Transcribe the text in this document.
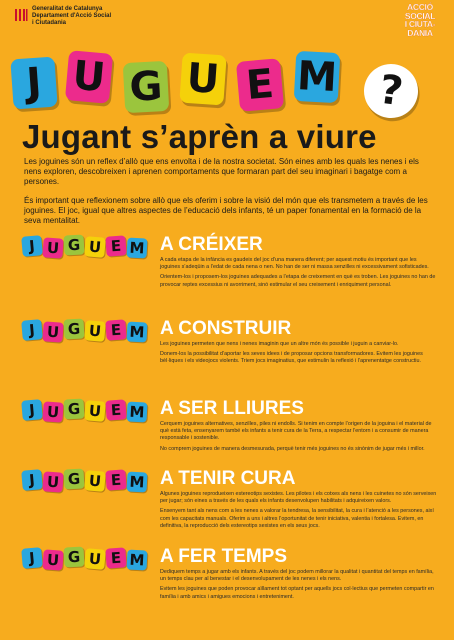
Generalitat de Catalunya
Departament d'Acció Social
i Ciutadania
ACCIÓ
SOCIAL
I CIUTA-
DANIA
J U G U E M ?
Jugant s’aprèn a viure
Les joguines són un reflex d’allò que ens envolta i de la nostra societat. Són eines amb les quals les nenes i els nens exploren, descobreixen i aprenen comportaments que formaran part del seu imaginari i bagatge com a persones.
És important que reflexionem sobre allò que els oferim i sobre la visió del món que els transmetem a través de les joguines. El joc, igual que altres aspectes de l’educació dels infants, té un paper fonamental en la formació de la seva mentalitat.
J U G U E M A CRÉIXER

A cada etapa de la infància es gaudeix del joc d’una manera diferent; per aquest motiu és important que les joguines s’adeqüin a l’edat de cada nena o nen. No han de ser ni massa senzilles ni excessivament sofisticades.

Orientem-los i proposem-los joguines adequades a l’etapa de creixement en què es troben. Les joguines no han de provocar reptes excessius ni avorriment, sinó estimular el seu creixement i enriquiment personal.

J U G U E M A CONSTRUIR

Les joguines permeten que nens i nenes imaginin que un altre món és possible i juguin a canviar-lo.

Donem-los la possibilitat d’aportar les seves idees i de proposar opcions transformadores. Evitem les joguines bèl·liques i els videojocs violents. Triem jocs imaginatius, que estimulin la reflexió i l’aprenentatge constructiu.

J U G U E M A SER LLIURES

Cerquem joguines alternatives, senzilles, piles ni endolls. Si tenim en compte l’origen de la joguina i el material de què està feta, ensenyarem també els infants a tenir cura de la Terra, a respectar l’entorn i a consumir de manera responsable i sostenible.

No comprem joguines de manera desmesurada, perquè tenir més joguines no és sinònim de jugar més i millor.

J U G U E M A TENIR CURA

Algunes joguines reprodueixen estereotips sexistes. Les pilotes i els cotxes als nens i les cuinetes no són serveixen per jugar; són eines a través de les quals els infants desenvolupen habilitats i adquireixen valors.

Ensenyem tant als nens com a les nenes a valorar la tendresa, la sensibilitat, la cura i l’atenció a les persones, així com les capacitats manuals. Oferim a uns i altres l’oportunitat de tenir iniciativa, valentia i fortalesa. Evitem, en definitiva, la reproducció dels estereotips sexistes en els seus jocs.

J U G U E M A FER TEMPS

Dediquem temps a jugar amb els infants. A través del joc podem millorar la qualitat i quantitat del temps en família, un temps clau per al benestar i el desenvolupament de les nenes i els nens.

Evitem les joguines que poden provocar aïllament tot optant per aquells jocs col·lectius que permeten compartir en família i amb amics i amigues emocions i entreteniment.
